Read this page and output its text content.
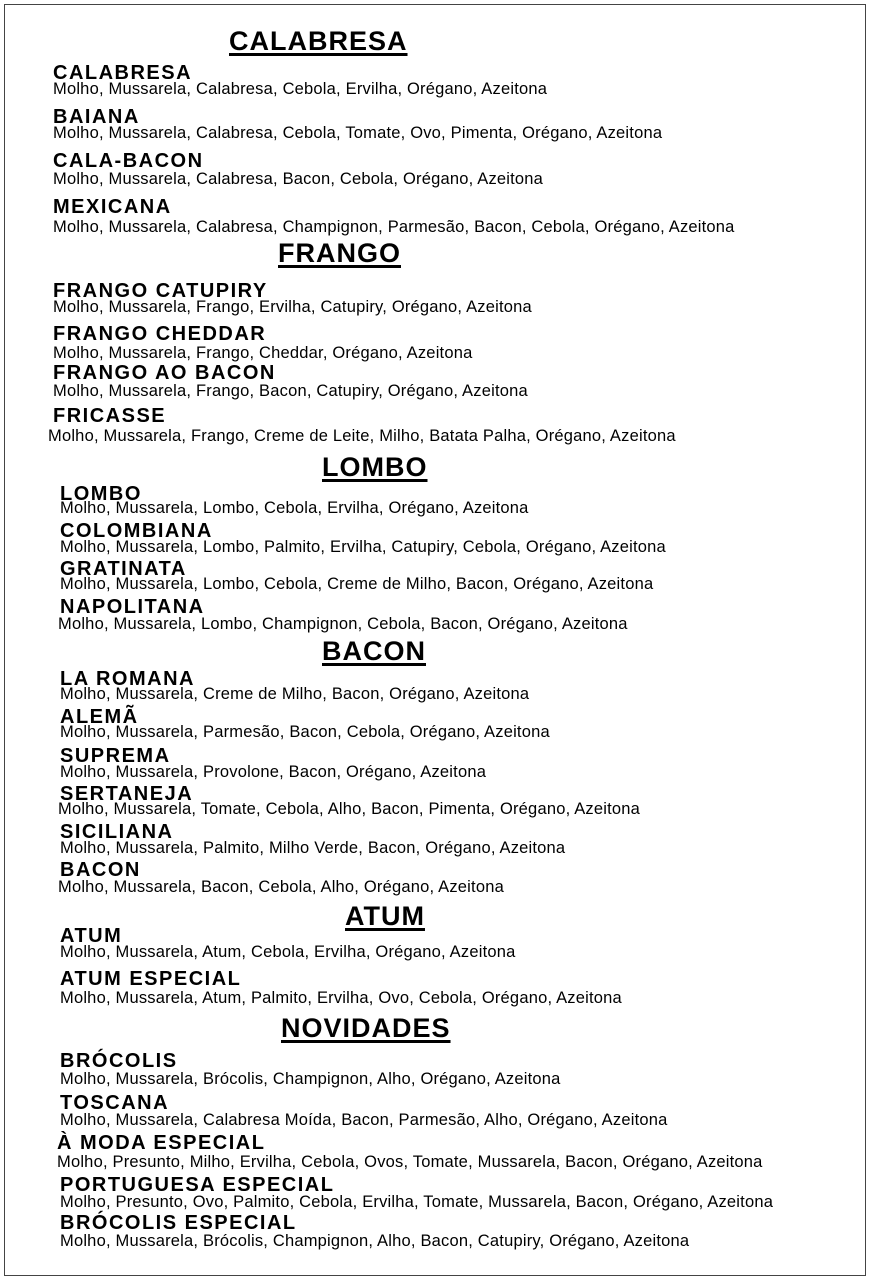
CALABRESA
CALABRESA
Molho, Mussarela, Calabresa, Cebola, Ervilha, Orégano, Azeitona
BAIANA
Molho, Mussarela, Calabresa, Cebola, Tomate, Ovo, Pimenta, Orégano, Azeitona
CALA-BACON
Molho, Mussarela, Calabresa, Bacon, Cebola, Orégano, Azeitona
MEXICANA
Molho, Mussarela, Calabresa, Champignon, Parmesão, Bacon, Cebola, Orégano, Azeitona
FRANGO
FRANGO CATUPIRY
Molho, Mussarela, Frango, Ervilha, Catupiry, Orégano, Azeitona
FRANGO CHEDDAR
Molho, Mussarela, Frango, Cheddar, Orégano, Azeitona
FRANGO AO BACON
Molho, Mussarela, Frango, Bacon, Catupiry, Orégano, Azeitona
FRICASSE
Molho, Mussarela, Frango, Creme de Leite, Milho, Batata Palha, Orégano, Azeitona
LOMBO
LOMBO
Molho, Mussarela, Lombo, Cebola, Ervilha, Orégano, Azeitona
COLOMBIANA
Molho, Mussarela, Lombo, Palmito, Ervilha, Catupiry, Cebola, Orégano, Azeitona
GRATINATA
Molho, Mussarela, Lombo, Cebola, Creme de Milho, Bacon, Orégano, Azeitona
NAPOLITANA
Molho, Mussarela, Lombo, Champignon, Cebola, Bacon, Orégano, Azeitona
BACON
LA ROMANA
Molho, Mussarela, Creme de Milho, Bacon, Orégano, Azeitona
ALEMÃ
Molho, Mussarela, Parmesão, Bacon, Cebola, Orégano, Azeitona
SUPREMA
Molho, Mussarela, Provolone, Bacon, Orégano, Azeitona
SERTANEJA
Molho, Mussarela, Tomate, Cebola, Alho, Bacon, Pimenta, Orégano, Azeitona
SICILIANA
Molho, Mussarela, Palmito, Milho Verde, Bacon, Orégano, Azeitona
BACON
Molho, Mussarela, Bacon, Cebola, Alho, Orégano, Azeitona
ATUM
ATUM
Molho, Mussarela, Atum, Cebola, Ervilha, Orégano, Azeitona
ATUM ESPECIAL
Molho, Mussarela, Atum, Palmito, Ervilha, Ovo, Cebola, Orégano, Azeitona
NOVIDADES
BRÓCOLIS
Molho, Mussarela, Brócolis, Champignon, Alho, Orégano, Azeitona
TOSCANA
Molho, Mussarela, Calabresa Moída, Bacon, Parmesão, Alho, Orégano, Azeitona
À MODA ESPECIAL
Molho, Presunto, Milho, Ervilha, Cebola, Ovos, Tomate, Mussarela, Bacon, Orégano, Azeitona
PORTUGUESA ESPECIAL
Molho, Presunto, Ovo, Palmito, Cebola, Ervilha, Tomate, Mussarela, Bacon, Orégano, Azeitona
BRÓCOLIS ESPECIAL
Molho, Mussarela, Brócolis, Champignon, Alho, Bacon, Catupiry, Orégano, Azeitona
